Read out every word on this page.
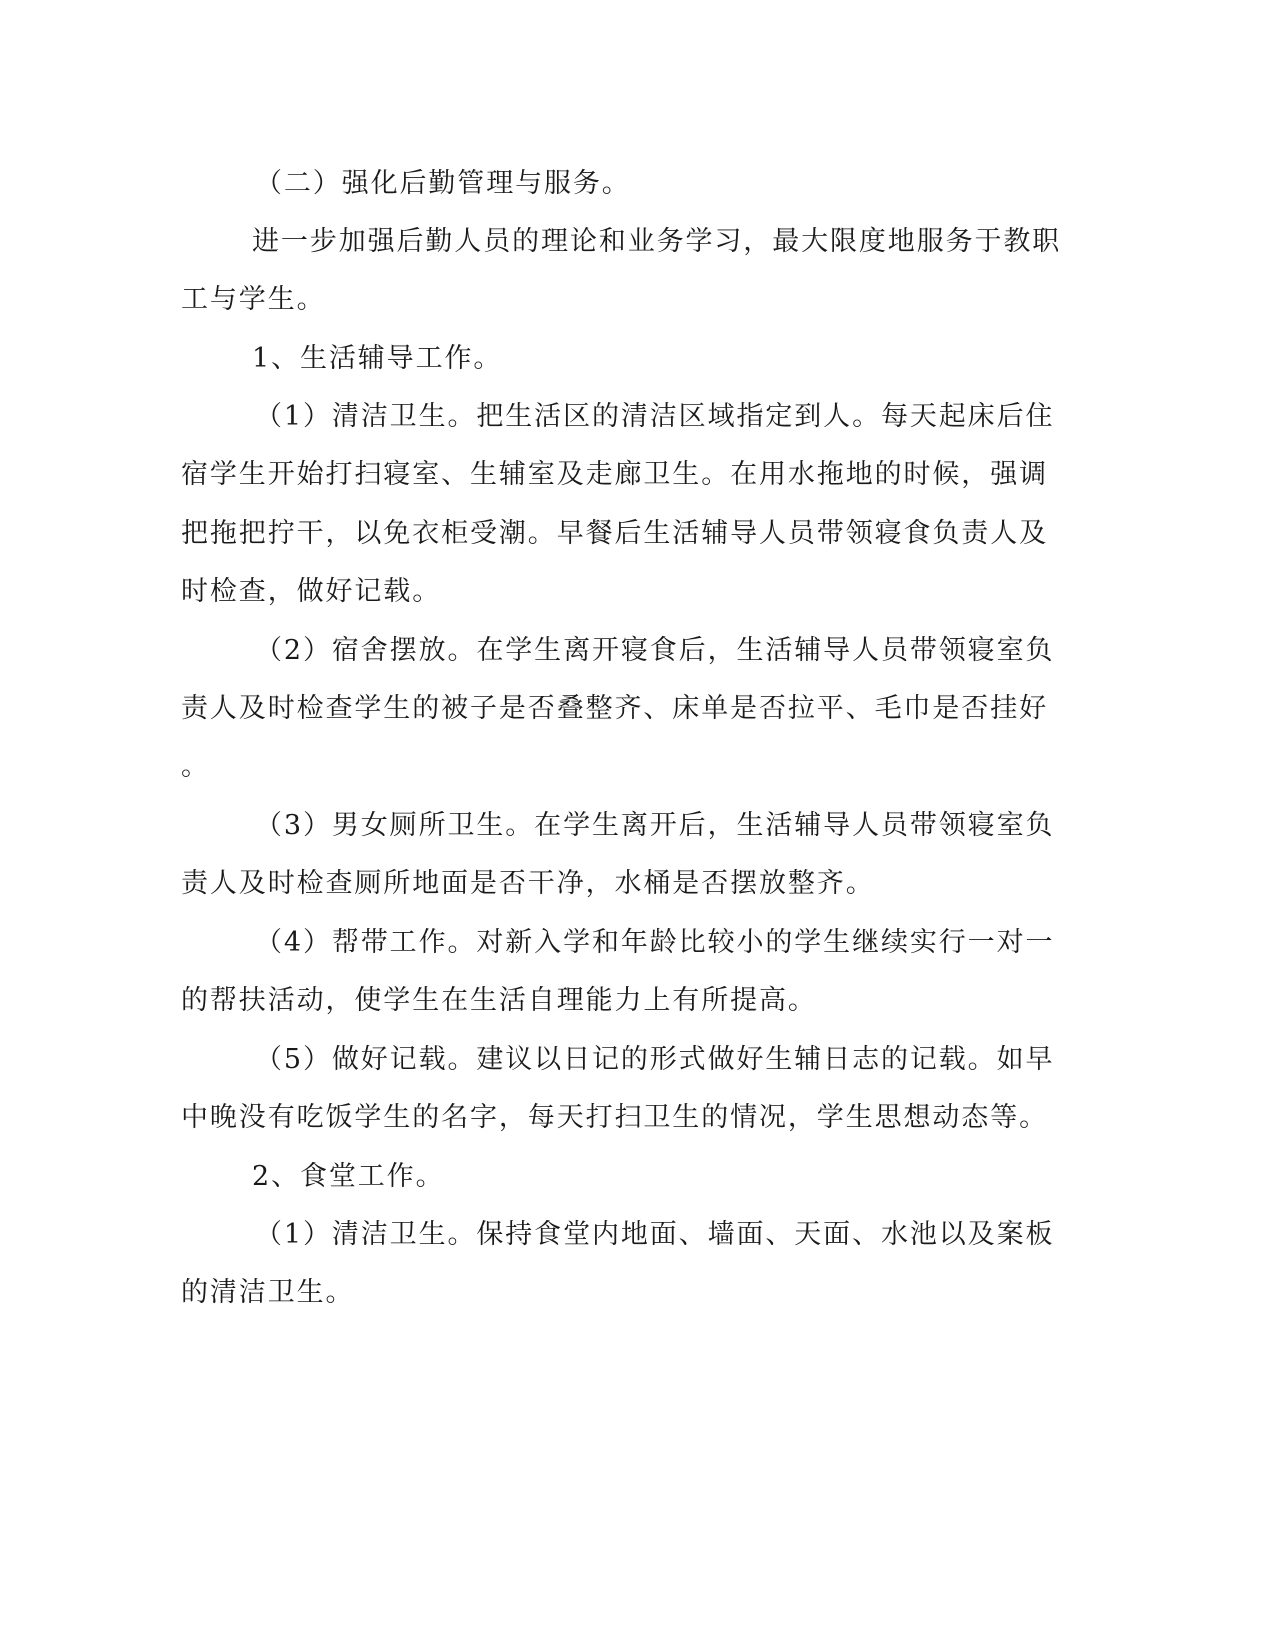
（二）强化后勤管理与服务。
进一步加强后勤人员的理论和业务学习，最大限度地服务于教职
工与学生。
1、生活辅导工作。
（1）清洁卫生。把生活区的清洁区域指定到人。每天起床后住
宿学生开始打扫寝室、生辅室及走廊卫生。在用水拖地的时候，强调
把拖把拧干，以免衣柜受潮。早餐后生活辅导人员带领寝食负责人及
时检查，做好记载。
（2）宿舍摆放。在学生离开寝食后，生活辅导人员带领寝室负
责人及时检查学生的被子是否叠整齐、床单是否拉平、毛巾是否挂好
。
（3）男女厕所卫生。在学生离开后，生活辅导人员带领寝室负
责人及时检查厕所地面是否干净，水桶是否摆放整齐。
（4）帮带工作。对新入学和年龄比较小的学生继续实行一对一
的帮扶活动，使学生在生活自理能力上有所提高。
（5）做好记载。建议以日记的形式做好生辅日志的记载。如早
中晚没有吃饭学生的名字，每天打扫卫生的情况，学生思想动态等。
2、食堂工作。
（1）清洁卫生。保持食堂内地面、墙面、天面、水池以及案板
的清洁卫生。
